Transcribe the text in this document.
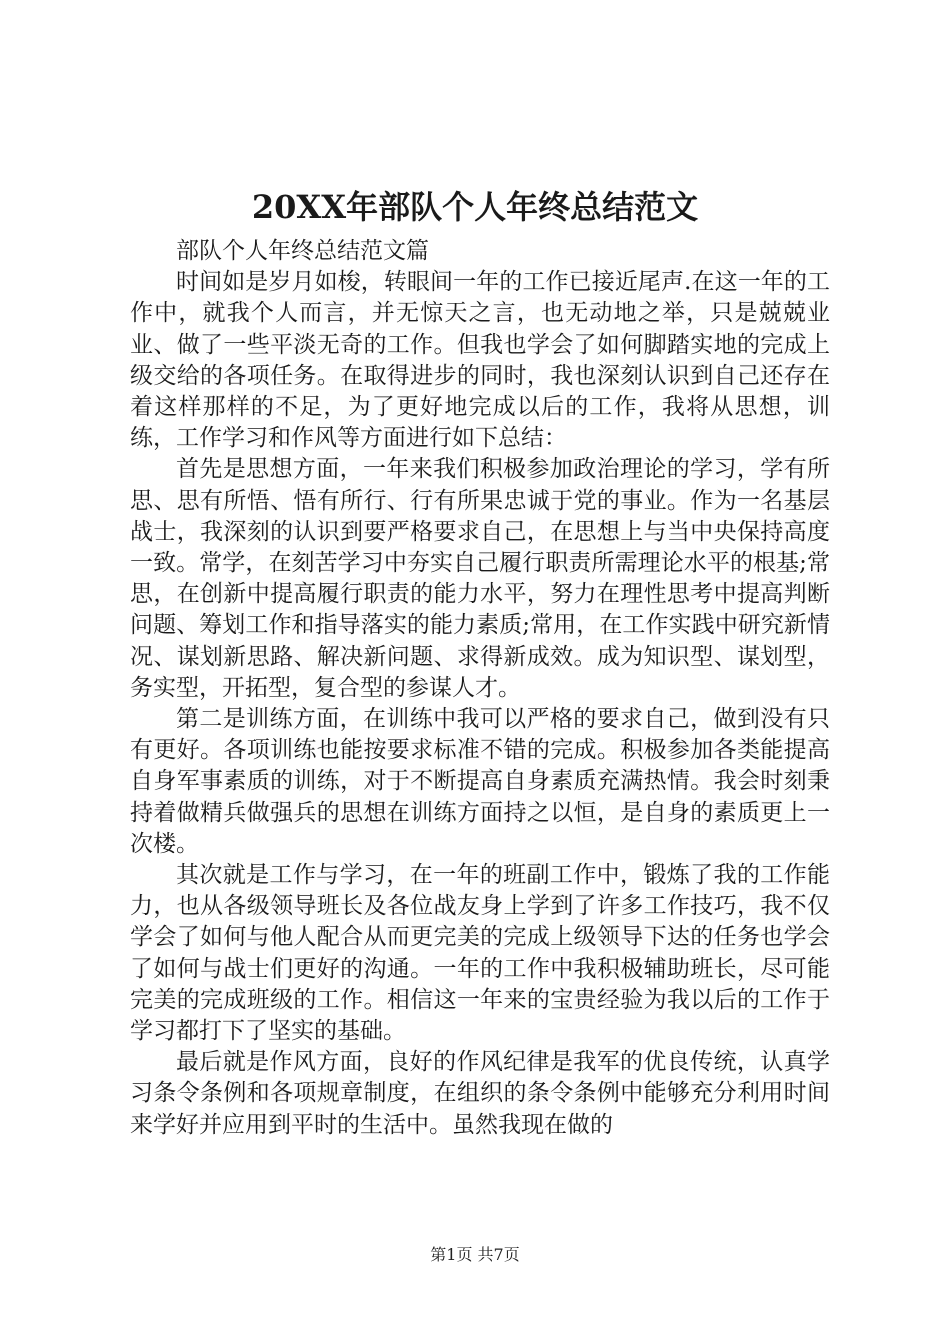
20XX年部队个人年终总结范文

部队个人年终总结范文篇

时间如是岁月如梭，转眼间一年的工作已接近尾声.在这一年的工作中，就我个人而言，并无惊天之言，也无动地之举，只是兢兢业业、做了一些平淡无奇的工作。但我也学会了如何脚踏实地的完成上级交给的各项任务。在取得进步的同时，我也深刻认识到自己还存在着这样那样的不足，为了更好地完成以后的工作，我将从思想，训练，工作学习和作风等方面进行如下总结：

首先是思想方面，一年来我们积极参加政治理论的学习，学有所思、思有所悟、悟有所行、行有所果忠诚于党的事业。作为一名基层战士，我深刻的认识到要严格要求自己，在思想上与当中央保持高度一致。常学，在刻苦学习中夯实自己履行职责所需理论水平的根基;常思，在创新中提高履行职责的能力水平，努力在理性思考中提高判断问题、筹划工作和指导落实的能力素质;常用，在工作实践中研究新情况、谋划新思路、解决新问题、求得新成效。成为知识型、谋划型，务实型，开拓型，复合型的参谋人才。

第二是训练方面，在训练中我可以严格的要求自己，做到没有只有更好。各项训练也能按要求标准不错的完成。积极参加各类能提高自身军事素质的训练，对于不断提高自身素质充满热情。我会时刻秉持着做精兵做强兵的思想在训练方面持之以恒，是自身的素质更上一次楼。

其次就是工作与学习，在一年的班副工作中，锻炼了我的工作能力，也从各级领导班长及各位战友身上学到了许多工作技巧，我不仅学会了如何与他人配合从而更完美的完成上级领导下达的任务也学会了如何与战士们更好的沟通。一年的工作中我积极辅助班长，尽可能完美的完成班级的工作。相信这一年来的宝贵经验为我以后的工作于学习都打下了坚实的基础。

最后就是作风方面，良好的作风纪律是我军的优良传统，认真学习条令条例和各项规章制度，在组织的条令条例中能够充分利用时间来学好并应用到平时的生活中。虽然我现在做的

第1页 共7页
